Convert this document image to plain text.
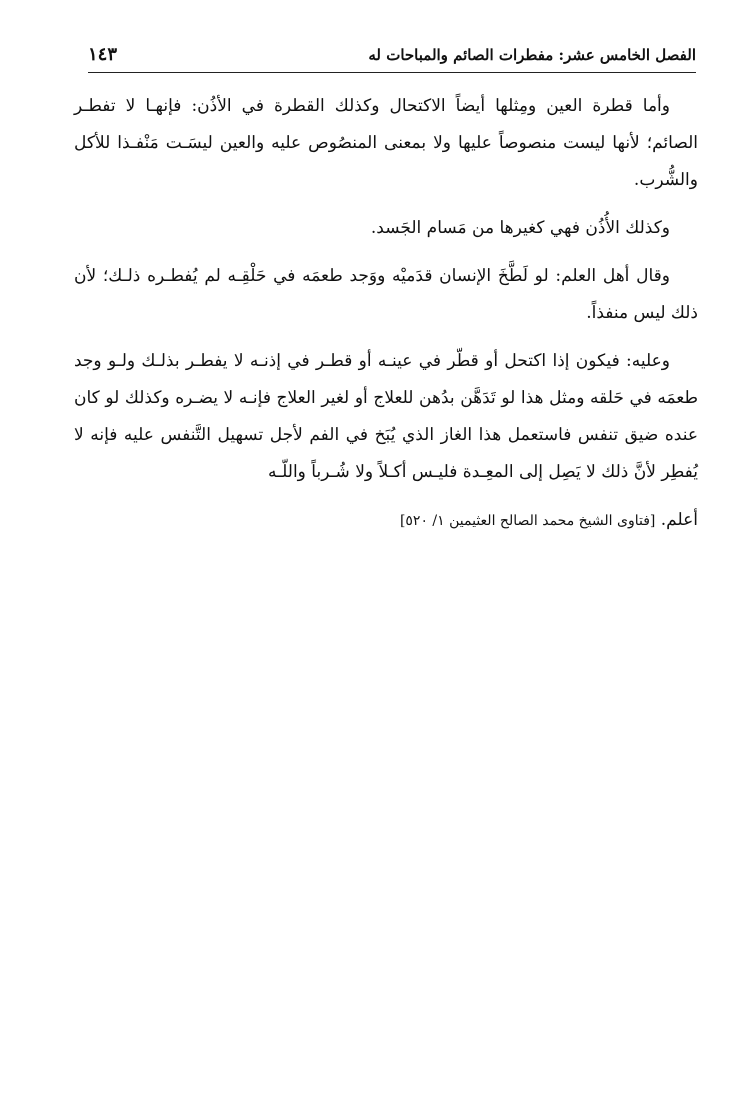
الفصل الخامس عشر: مفطرات الصائم والمباحات له
١٤٣

وأما قطرة العين ومِثلها أيضاً الاكتحال وكذلك القطرة في الأذُن: فإنهـا لا تفطـر الصائم؛ لأنها ليست منصوصاً عليها ولا بمعنى المنصُوص عليه والعين ليسَـت مَنْفـذا للأكل والشُّرب.

وكذلك الأُذُن فهي كغيرها من مَسام الجَسد.

وقال أهل العلم: لو لَطَّخَ الإنسان قدَميْه ووَجد طعمَه في حَلْقِـه لم يُفطـره ذلـك؛ لأن ذلك ليس منفذاً.

وعليه: فيكون إذا اكتحل أو قطّر في عينـه أو قطـر في إذنـه لا يفطـر بذلـك ولـو وجد طعمَه في حَلقه ومثل هذا لو تَدَهَّن بدُهن للعلاج أو لغير العلاج فإنـه لا يضـره وكذلك لو كان عنده ضيق تنفس فاستعمل هذا الغاز الذي يُبَخ في الفم لأجل تسهيل التَّنفس عليه فإنه لا يُفطِر لأنَّ ذلك لا يَصِل إلى المعِـدة فليـس أكـلاً ولا شُـرباً واللّـه

أعلم. [فتاوى الشيخ محمد الصالح العثيمين ١/ ٥٢٠]
